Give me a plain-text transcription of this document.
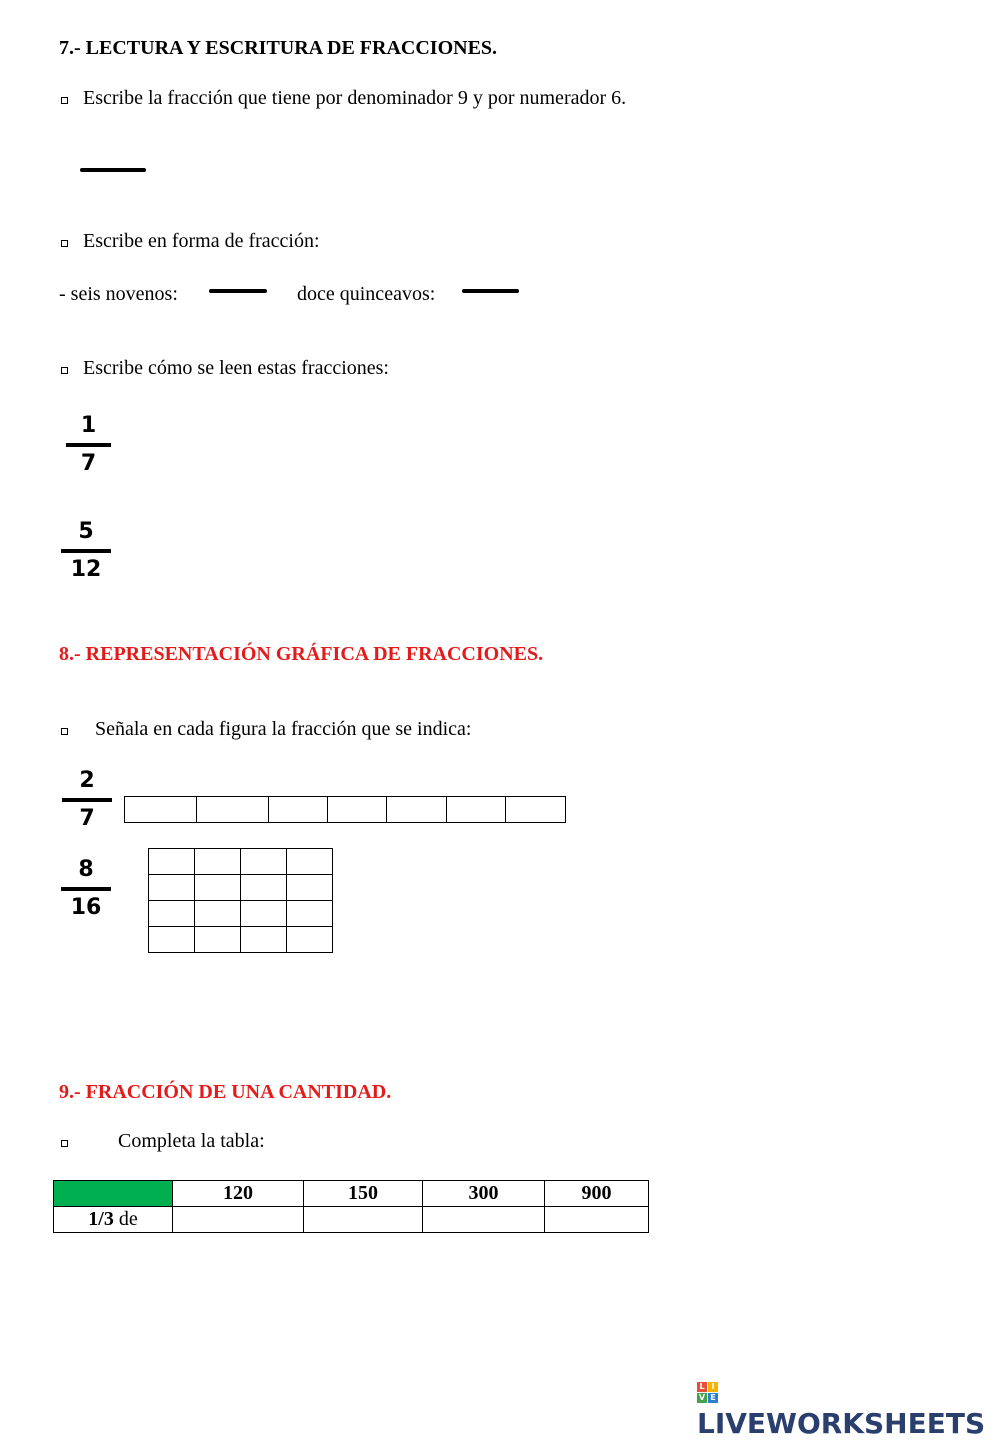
7.- LECTURA Y ESCRITURA DE FRACCIONES.
Escribe la fracción que tiene por denominador 9 y por numerador 6.
Escribe en forma de fracción:
- seis novenos:	doce quinceavos:
Escribe cómo se leen estas fracciones:
1
7
5
12
8.- REPRESENTACIÓN GRÁFICA DE FRACCIONES.
Señala en cada figura la fracción que se indica:
2
7

8
16

9.- FRACCIÓN DE UNA CANTIDAD.
Completa la tabla:
	120	150	300	900
1/3 de				
L I
V E
LIVEWORKSHEETS
